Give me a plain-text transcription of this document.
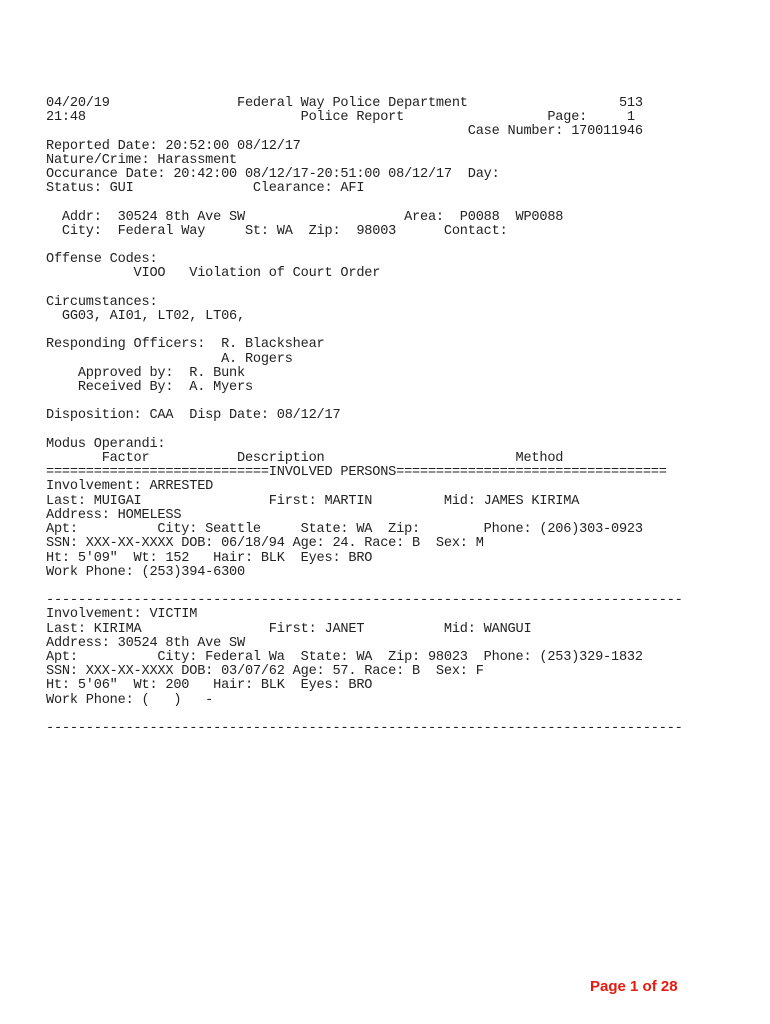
04/20/19                Federal Way Police Department                   513
21:48                           Police Report                  Page:     1
Case Number: 170011946
Reported Date: 20:52:00 08/12/17
Nature/Crime: Harassment
Occurance Date: 20:42:00 08/12/17-20:51:00 08/12/17  Day:
Status: GUI               Clearance: AFI

Addr:  30524 8th Ave SW                    Area:  P0088  WP0088
City:  Federal Way     St: WA  Zip:  98003      Contact:

Offense Codes:
VIOO   Violation of Court Order

Circumstances:
GG03, AI01, LT02, LT06,

Responding Officers:  R. Blackshear
A. Rogers
Approved by:  R. Bunk
Received By:  A. Myers

Disposition: CAA  Disp Date: 08/12/17

Modus Operandi:
Factor           Description                        Method
============================INVOLVED PERSONS==================================
Involvement: ARRESTED
Last: MUIGAI                First: MARTIN         Mid: JAMES KIRIMA
Address: HOMELESS
Apt:          City: Seattle     State: WA  Zip:        Phone: (206)303-0923
SSN: XXX-XX-XXXX DOB: 06/18/94 Age: 24. Race: B  Sex: M
Ht: 5'09"  Wt: 152   Hair: BLK  Eyes: BRO
Work Phone: (253)394-6300

--------------------------------------------------------------------------------
Involvement: VICTIM
Last: KIRIMA                First: JANET          Mid: WANGUI
Address: 30524 8th Ave SW
Apt:          City: Federal Wa  State: WA  Zip: 98023  Phone: (253)329-1832
SSN: XXX-XX-XXXX DOB: 03/07/62 Age: 57. Race: B  Sex: F
Ht: 5'06"  Wt: 200   Hair: BLK  Eyes: BRO
Work Phone: (   )   -

--------------------------------------------------------------------------------
Page 1 of 28
